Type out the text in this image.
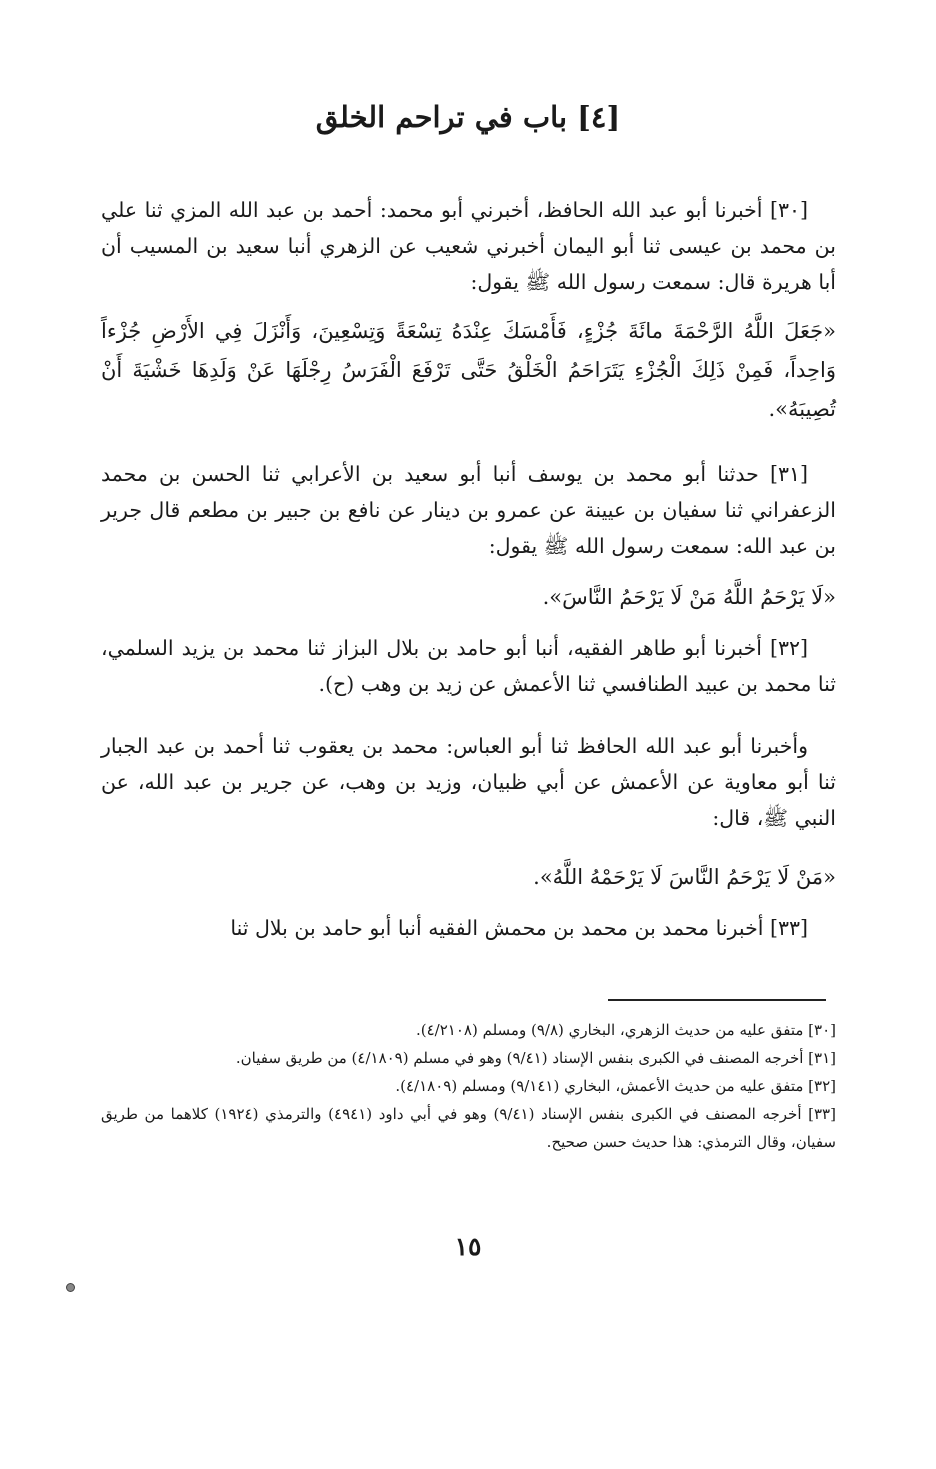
[٤] باب في تراحم الخلق

[٣٠] أخبرنا أبو عبد الله الحافظ، أخبرني أبو محمد: أحمد بن عبد الله المزي ثنا علي بن محمد بن عيسى ثنا أبو اليمان أخبرني شعيب عن الزهري أنبا سعيد بن المسيب أن أبا هريرة قال: سمعت رسول الله ﷺ يقول:

«جَعَلَ اللَّهُ الرَّحْمَةَ مائَةَ جُزْءٍ، فَأَمْسَكَ عِنْدَهُ تِسْعَةً وَتِسْعِينَ، وَأَنْزَلَ فِي الأَرْضِ جُزْءاً وَاحِداً، فَمِنْ ذَلِكَ الْجُزْءِ يَتَرَاحَمُ الْخَلْقُ حَتَّى تَرْفَعَ الْفَرَسُ رِجْلَهَا عَنْ وَلَدِهَا خَشْيَةَ أَنْ تُصِيبَهُ».

[٣١] حدثنا أبو محمد بن يوسف أنبا أبو سعيد بن الأعرابي ثنا الحسن بن محمد الزعفراني ثنا سفيان بن عيينة عن عمرو بن دينار عن نافع بن جبير بن مطعم قال جرير بن عبد الله: سمعت رسول الله ﷺ يقول:

«لَا يَرْحَمُ اللَّهُ مَنْ لَا يَرْحَمُ النَّاسَ».

[٣٢] أخبرنا أبو طاهر الفقيه، أنبا أبو حامد بن بلال البزاز ثنا محمد بن يزيد السلمي، ثنا محمد بن عبيد الطنافسي ثنا الأعمش عن زيد بن وهب (ح).

وأخبرنا أبو عبد الله الحافظ ثنا أبو العباس: محمد بن يعقوب ثنا أحمد بن عبد الجبار ثنا أبو معاوية عن الأعمش عن أبي ظبيان، وزيد بن وهب، عن جرير بن عبد الله، عن النبي ﷺ، قال:

«مَنْ لَا يَرْحَمُ النَّاسَ لَا يَرْحَمْهُ اللَّهُ».

[٣٣] أخبرنا محمد بن محمد بن محمش الفقيه أنبا أبو حامد بن بلال ثنا

[٣٠] متفق عليه من حديث الزهري، البخاري (٩/٨) ومسلم (٤/٢١٠٨).

[٣١] أخرجه المصنف في الكبرى بنفس الإسناد (٩/٤١) وهو في مسلم (٤/١٨٠٩) من طريق سفيان.

[٣٢] متفق عليه من حديث الأعمش، البخاري (٩/١٤١) ومسلم (٤/١٨٠٩).

[٣٣] أخرجه المصنف في الكبرى بنفس الإسناد (٩/٤١) وهو في أبي داود (٤٩٤١) والترمذي (١٩٢٤) كلاهما من طريق سفيان، وقال الترمذي: هذا حديث حسن صحيح.

١٥
